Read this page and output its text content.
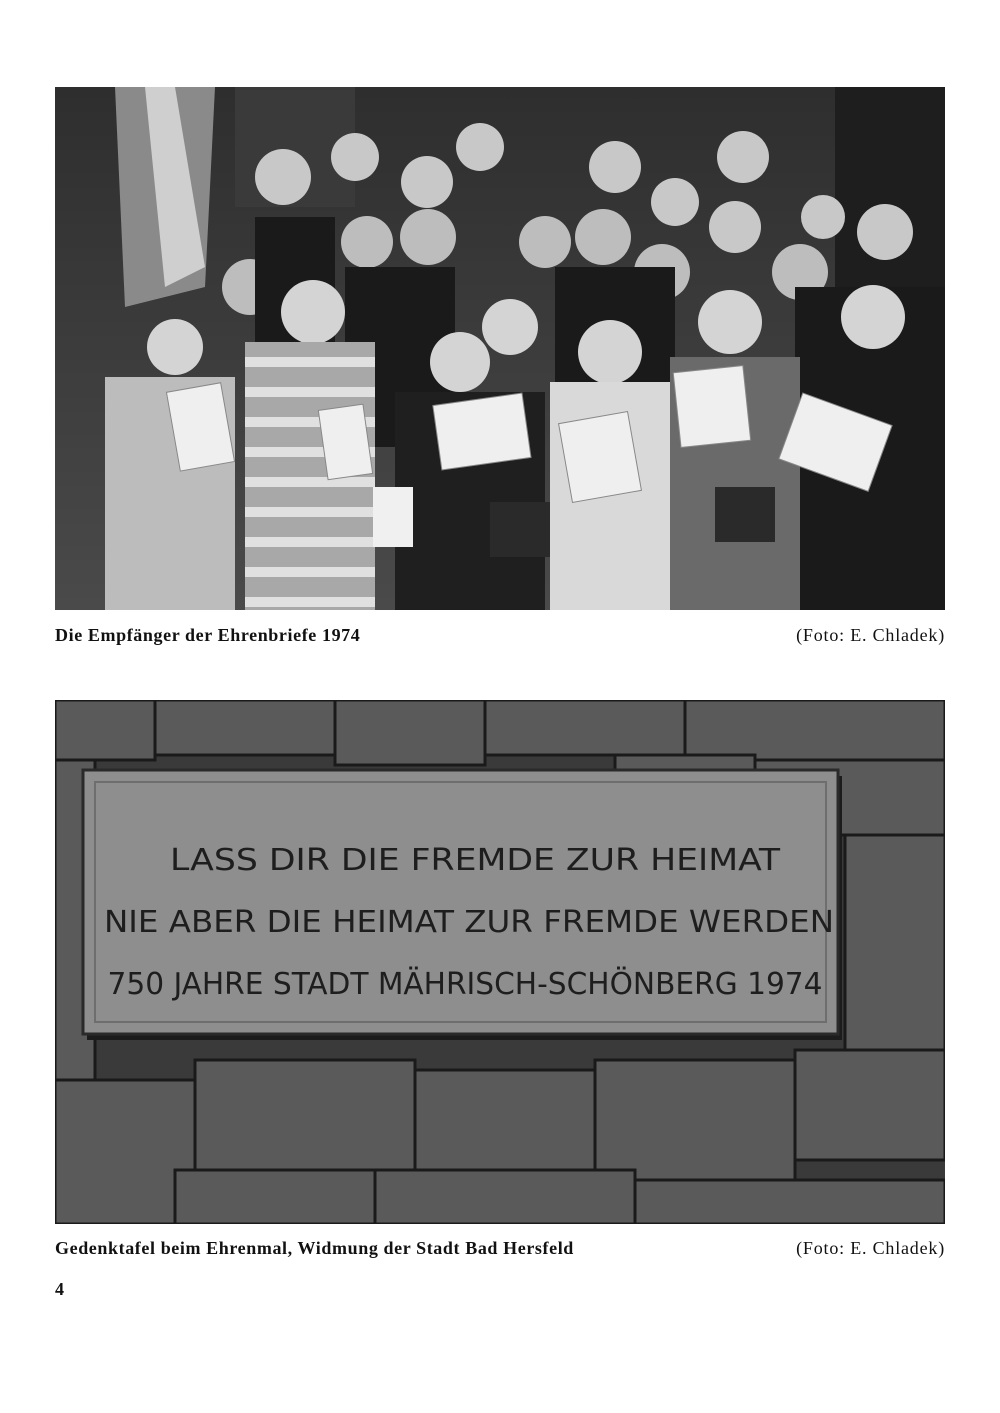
Die Empfänger der Ehrenbriefe 1974	(Foto: E. Chladek)
LASS DIR DIE FREMDE ZUR HEIMAT
NIE ABER DIE HEIMAT ZUR FREMDE WERDEN
750 JAHRE STADT MÄHRISCH-SCHÖNBERG 1974
Gedenktafel beim Ehrenmal, Widmung der Stadt Bad Hersfeld	(Foto: E. Chladek)
4
